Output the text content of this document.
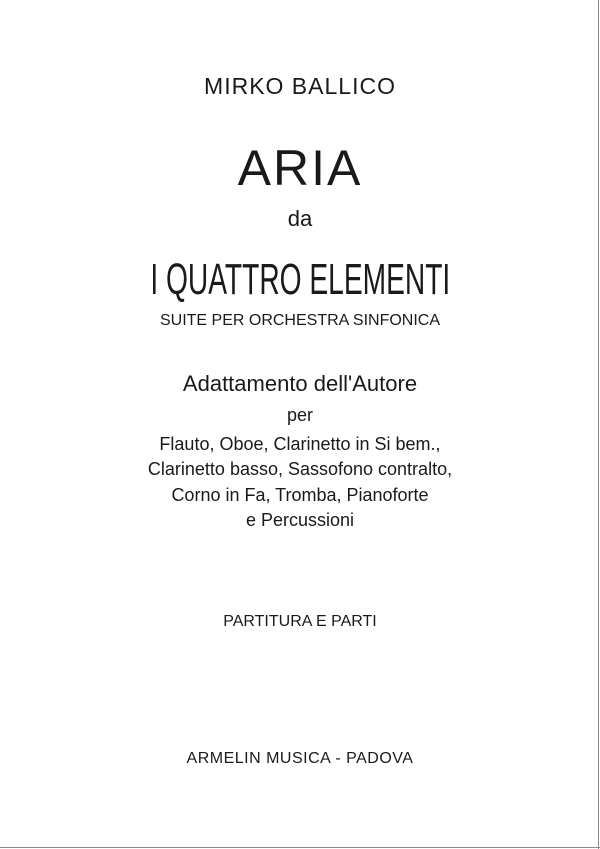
MIRKO BALLICO
ARIA
da
I QUATTRO ELEMENTI
SUITE PER ORCHESTRA SINFONICA
Adattamento dell'Autore
per
Flauto, Oboe, Clarinetto in Si bem.,
Clarinetto basso, Sassofono contralto,
Corno in Fa, Tromba, Pianoforte
e Percussioni
PARTITURA E PARTI
ARMELIN MUSICA - PADOVA
